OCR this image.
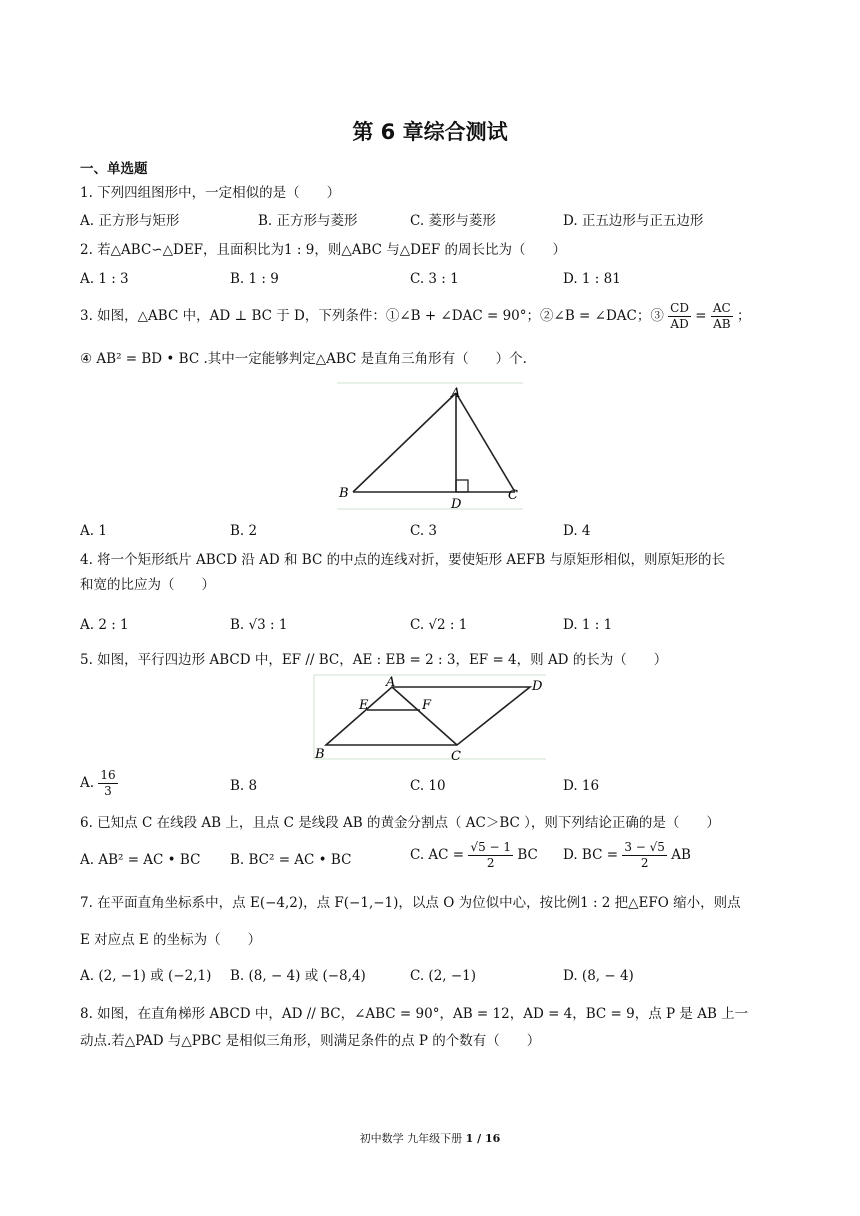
第 6 章综合测试
一、单选题
1. 下列四组图形中，一定相似的是（　　）
A. 正方形与矩形	B. 正方形与菱形	C. 菱形与菱形	D. 正五边形与正五边形
2. 若△ABC∽△DEF，且面积比为1 : 9，则△ABC 与△DEF 的周长比为（　　）
A. 1 : 3	B. 1 : 9	C. 3 : 1	D. 1 : 81
3. 如图，△ABC 中，AD ⊥ BC 于 D，下列条件：①∠B + ∠DAC = 90°；②∠B = ∠DAC；③ $\frac{CD}{AD} = \frac{AC}{AB}$ ；
④ AB² = BD • BC .其中一定能够判定△ABC 是直角三角形有（　　）个.
A
B
D
C
A. 1	B. 2	C. 3	D. 4
4. 将一个矩形纸片 ABCD 沿 AD 和 BC 的中点的连线对折，要使矩形 AEFB 与原矩形相似，则原矩形的长
和宽的比应为（　　）
A. 2 : 1	B. √3 : 1	C. √2 : 1	D. 1 : 1
5. 如图，平行四边形 ABCD 中，EF // BC，AE : EB = 2 : 3，EF = 4，则 AD 的长为（　　）
A	D
E	F
B	C
A. $\frac{16}{3}$	B. 8	C. 10	D. 16
6. 已知点 C 在线段 AB 上，且点 C 是线段 AB 的黄金分割点（ AC＞BC ），则下列结论正确的是（　　）
A. AB² = AC • BC B. BC² = AC • BC	C. AC = $\frac{√5 - 1}{2}$ BC D. BC = $\frac{3 - √5}{2}$ AB
7. 在平面直角坐标系中，点 E(−4,2)，点 F(−1,−1)，以点 O 为位似中心，按比例1 : 2 把△EFO 缩小，则点
E 对应点 E 的坐标为（　　）
A. (2, −1) 或 (−2,1) B. (8, − 4) 或 (−8,4)	C. (2, −1)	D. (8, − 4)
8. 如图，在直角梯形 ABCD 中，AD // BC，∠ABC = 90°，AB = 12，AD = 4，BC = 9，点 P 是 AB 上一
动点.若△PAD 与△PBC 是相似三角形，则满足条件的点 P 的个数有（　　）
初中数学 九年级下册 1 / 16
